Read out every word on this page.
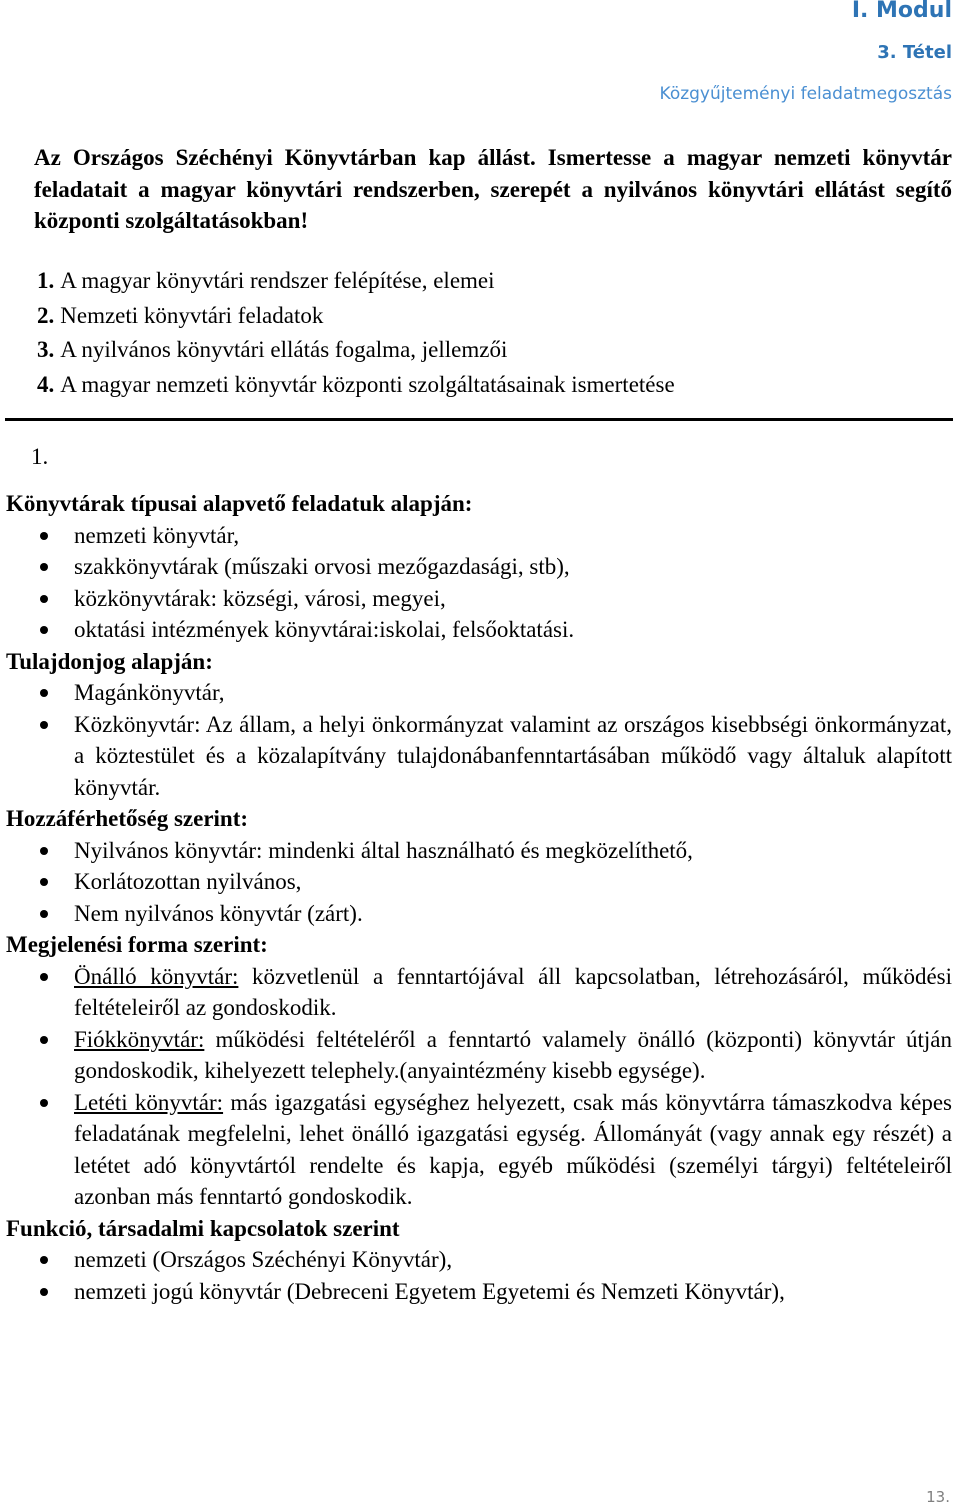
I. Modul
3. Tétel
Közgyűjteményi feladatmegosztás
Az Országos Széchényi Könyvtárban kap állást. Ismertesse a magyar nemzeti könyvtár feladatait a magyar könyvtári rendszerben, szerepét a nyilvános könyvtári ellátást segítő központi szolgáltatásokban!
1. A magyar könyvtári rendszer felépítése, elemei
2. Nemzeti könyvtári feladatok
3. A nyilvános könyvtári ellátás fogalma, jellemzői
4. A magyar nemzeti könyvtár központi szolgáltatásainak ismertetése
1.

Könyvtárak típusai alapvető feladatuk alapján:

nemzeti könyvtár,
szakkönyvtárak (műszaki orvosi mezőgazdasági, stb),
közkönyvtárak: községi, városi, megyei,
oktatási intézmények könyvtárai:iskolai, felsőoktatási.

Tulajdonjog alapján:

Magánkönyvtár,
Közkönyvtár: Az állam, a helyi önkormányzat valamint az országos kisebbségi önkormányzat, a köztestület és a közalapítvány tulajdonábanfenntartásában működő vagy általuk alapított könyvtár.

Hozzáférhetőség szerint:

Nyilvános könyvtár: mindenki által használható és megközelíthető,
Korlátozottan nyilvános,
Nem nyilvános könyvtár (zárt).

Megjelenési forma szerint:

Önálló könyvtár: közvetlenül a fenntartójával áll kapcsolatban, létrehozásáról, működési feltételeiről az gondoskodik.
Fiókkönyvtár: működési feltételéről a fenntartó valamely önálló (központi) könyvtár útján gondoskodik, kihelyezett telephely.(anyaintézmény kisebb egysége).
Letéti könyvtár: más igazgatási egységhez helyezett, csak más könyvtárra támaszkodva képes feladatának megfelelni, lehet önálló igazgatási egység. Állományát (vagy annak egy részét) a letétet adó könyvtártól rendelte és kapja, egyéb működési (személyi tárgyi) feltételeiről azonban más fenntartó gondoskodik.

Funkció, társadalmi kapcsolatok szerint

nemzeti (Országos Széchényi Könyvtár),
nemzeti jogú könyvtár (Debreceni Egyetem Egyetemi és Nemzeti Könyvtár),
13.
